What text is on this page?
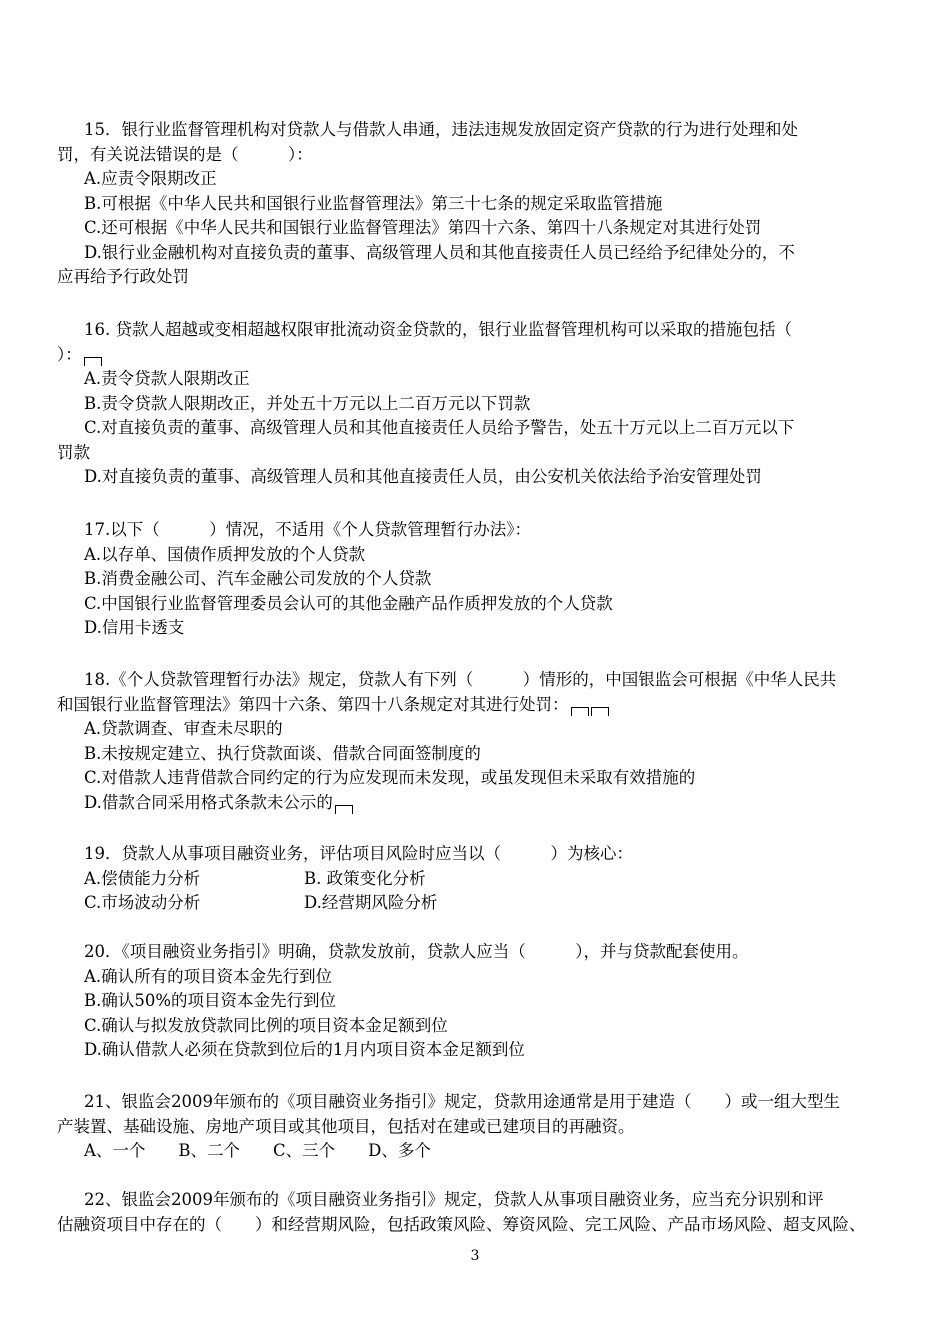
15．银行业监督管理机构对贷款人与借款人串通，违法违规发放固定资产贷款的行为进行处理和处
罚，有关说法错误的是（　　　）：
A.应责令限期改正
B.可根据《中华人民共和国银行业监督管理法》第三十七条的规定采取监管措施
C.还可根据《中华人民共和国银行业监督管理法》第四十六条、第四十八条规定对其进行处罚
D.银行业金融机构对直接负责的董事、高级管理人员和其他直接责任人员已经给予纪律处分的，不
应再给予行政处罚
16. 贷款人超越或变相超越权限审批流动资金贷款的，银行业监督管理机构可以采取的措施包括（
）：
A.责令贷款人限期改正
B.责令贷款人限期改正，并处五十万元以上二百万元以下罚款
C.对直接负责的董事、高级管理人员和其他直接责任人员给予警告，处五十万元以上二百万元以下
罚款
D.对直接负责的董事、高级管理人员和其他直接责任人员，由公安机关依法给予治安管理处罚
17.以下（　　　）情况，不适用《个人贷款管理暂行办法》：
A.以存单、国债作质押发放的个人贷款
B.消费金融公司、汽车金融公司发放的个人贷款
C.中国银行业监督管理委员会认可的其他金融产品作质押发放的个人贷款
D.信用卡透支
18.《个人贷款管理暂行办法》规定，贷款人有下列（　　　）情形的，中国银监会可根据《中华人民共
和国银行业监督管理法》第四十六条、第四十八条规定对其进行处罚：
A.贷款调查、审查未尽职的
B.未按规定建立、执行贷款面谈、借款合同面签制度的
C.对借款人违背借款合同约定的行为应发现而未发现，或虽发现但未采取有效措施的
D.借款合同采用格式条款未公示的
19．贷款人从事项目融资业务，评估项目风险时应当以（　　　）为核心：
A.偿债能力分析	B. 政策变化分析
C.市场波动分析	D.经营期风险分析
20．《项目融资业务指引》明确，贷款发放前，贷款人应当（　　　），并与贷款配套使用。
A.确认所有的项目资本金先行到位
B.确认50%的项目资本金先行到位
C.确认与拟发放贷款同比例的项目资本金足额到位
D.确认借款人必须在贷款到位后的1月内项目资本金足额到位
21、银监会2009年颁布的《项目融资业务指引》规定，贷款用途通常是用于建造（　　）或一组大型生
产装置、基础设施、房地产项目或其他项目，包括对在建或已建项目的再融资。
A、一个　　B、二个　　C、三个　　D、多个
22、银监会2009年颁布的《项目融资业务指引》规定，贷款人从事项目融资业务，应当充分识别和评
估融资项目中存在的（　　）和经营期风险，包括政策风险、筹资风险、完工风险、产品市场风险、超支风险、
3
